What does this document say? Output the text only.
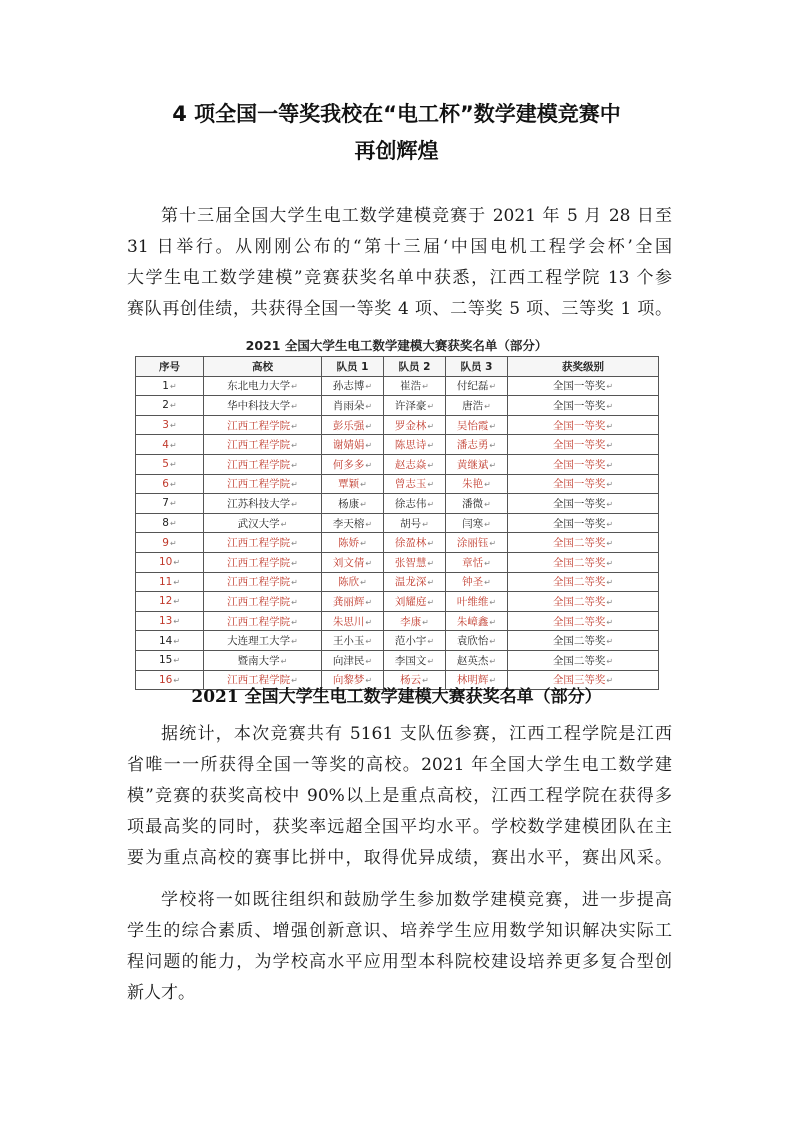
4 项全国一等奖我校在“电工杯”数学建模竞赛中
再创辉煌
第十三届全国大学生电工数学建模竞赛于 2021 年 5 月 28 日至
31 日举行。从刚刚公布的“第十三届‘中国电机工程学会杯’全国
大学生电工数学建模”竞赛获奖名单中获悉，江西工程学院 13 个参
赛队再创佳绩，共获得全国一等奖 4 项、二等奖 5 项、三等奖 1 项。
2021 全国大学生电工数学建模大赛获奖名单（部分）
序号	高校	队员 1	队员 2	队员 3	获奖级别
1 ↵	东北电力大学 ↵	孙志博 ↵	崔浩 ↵	付纪磊 ↵	全国一等奖 ↵
2 ↵	华中科技大学 ↵	肖雨朵 ↵	许泽豪 ↵	唐浩 ↵	全国一等奖 ↵
3 ↵	江西工程学院 ↵	彭乐强 ↵	罗金林 ↵	吴怡霞 ↵	全国一等奖 ↵
4 ↵	江西工程学院 ↵	谢婧娟 ↵	陈思诗 ↵	潘志勇 ↵	全国一等奖 ↵
5 ↵	江西工程学院 ↵	何多多 ↵	赵志焱 ↵	黄继斌 ↵	全国一等奖 ↵
6 ↵	江西工程学院 ↵	覃颖 ↵	曾志玉 ↵	朱艳 ↵	全国一等奖 ↵
7 ↵	江苏科技大学 ↵	杨康 ↵	徐志伟 ↵	潘微 ↵	全国一等奖 ↵
8 ↵	武汉大学 ↵	李天榕 ↵	胡号 ↵	闫寒 ↵	全国一等奖 ↵
9 ↵	江西工程学院 ↵	陈娇 ↵	徐盈林 ↵	涂丽钰 ↵	全国二等奖 ↵
10 ↵	江西工程学院 ↵	刘文倩 ↵	张智慧 ↵	章恬 ↵	全国二等奖 ↵
11 ↵	江西工程学院 ↵	陈欣 ↵	温龙深 ↵	钟圣 ↵	全国二等奖 ↵
12 ↵	江西工程学院 ↵	龚丽辉 ↵	刘耀庭 ↵	叶维维 ↵	全国二等奖 ↵
13 ↵	江西工程学院 ↵	朱思川 ↵	李康 ↵	朱嶂鑫 ↵	全国二等奖 ↵
14 ↵	大连理工大学 ↵	王小玉 ↵	范小宇 ↵	袁欣怡 ↵	全国二等奖 ↵
15 ↵	暨南大学 ↵	向津民 ↵	李国文 ↵	赵英杰 ↵	全国二等奖 ↵
16 ↵	江西工程学院 ↵	向黎梦 ↵	杨云 ↵	林明辉 ↵	全国三等奖 ↵
2021 全国大学生电工数学建模大赛获奖名单（部分）
据统计，本次竞赛共有 5161 支队伍参赛，江西工程学院是江西
省唯一一所获得全国一等奖的高校。2021 年全国大学生电工数学建
模”竞赛的获奖高校中 90%以上是重点高校，江西工程学院在获得多
项最高奖的同时，获奖率远超全国平均水平。学校数学建模团队在主
要为重点高校的赛事比拼中，取得优异成绩，赛出水平，赛出风采。
学校将一如既往组织和鼓励学生参加数学建模竞赛，进一步提高
学生的综合素质、增强创新意识、培养学生应用数学知识解决实际工
程问题的能力，为学校高水平应用型本科院校建设培养更多复合型创
新人才。
